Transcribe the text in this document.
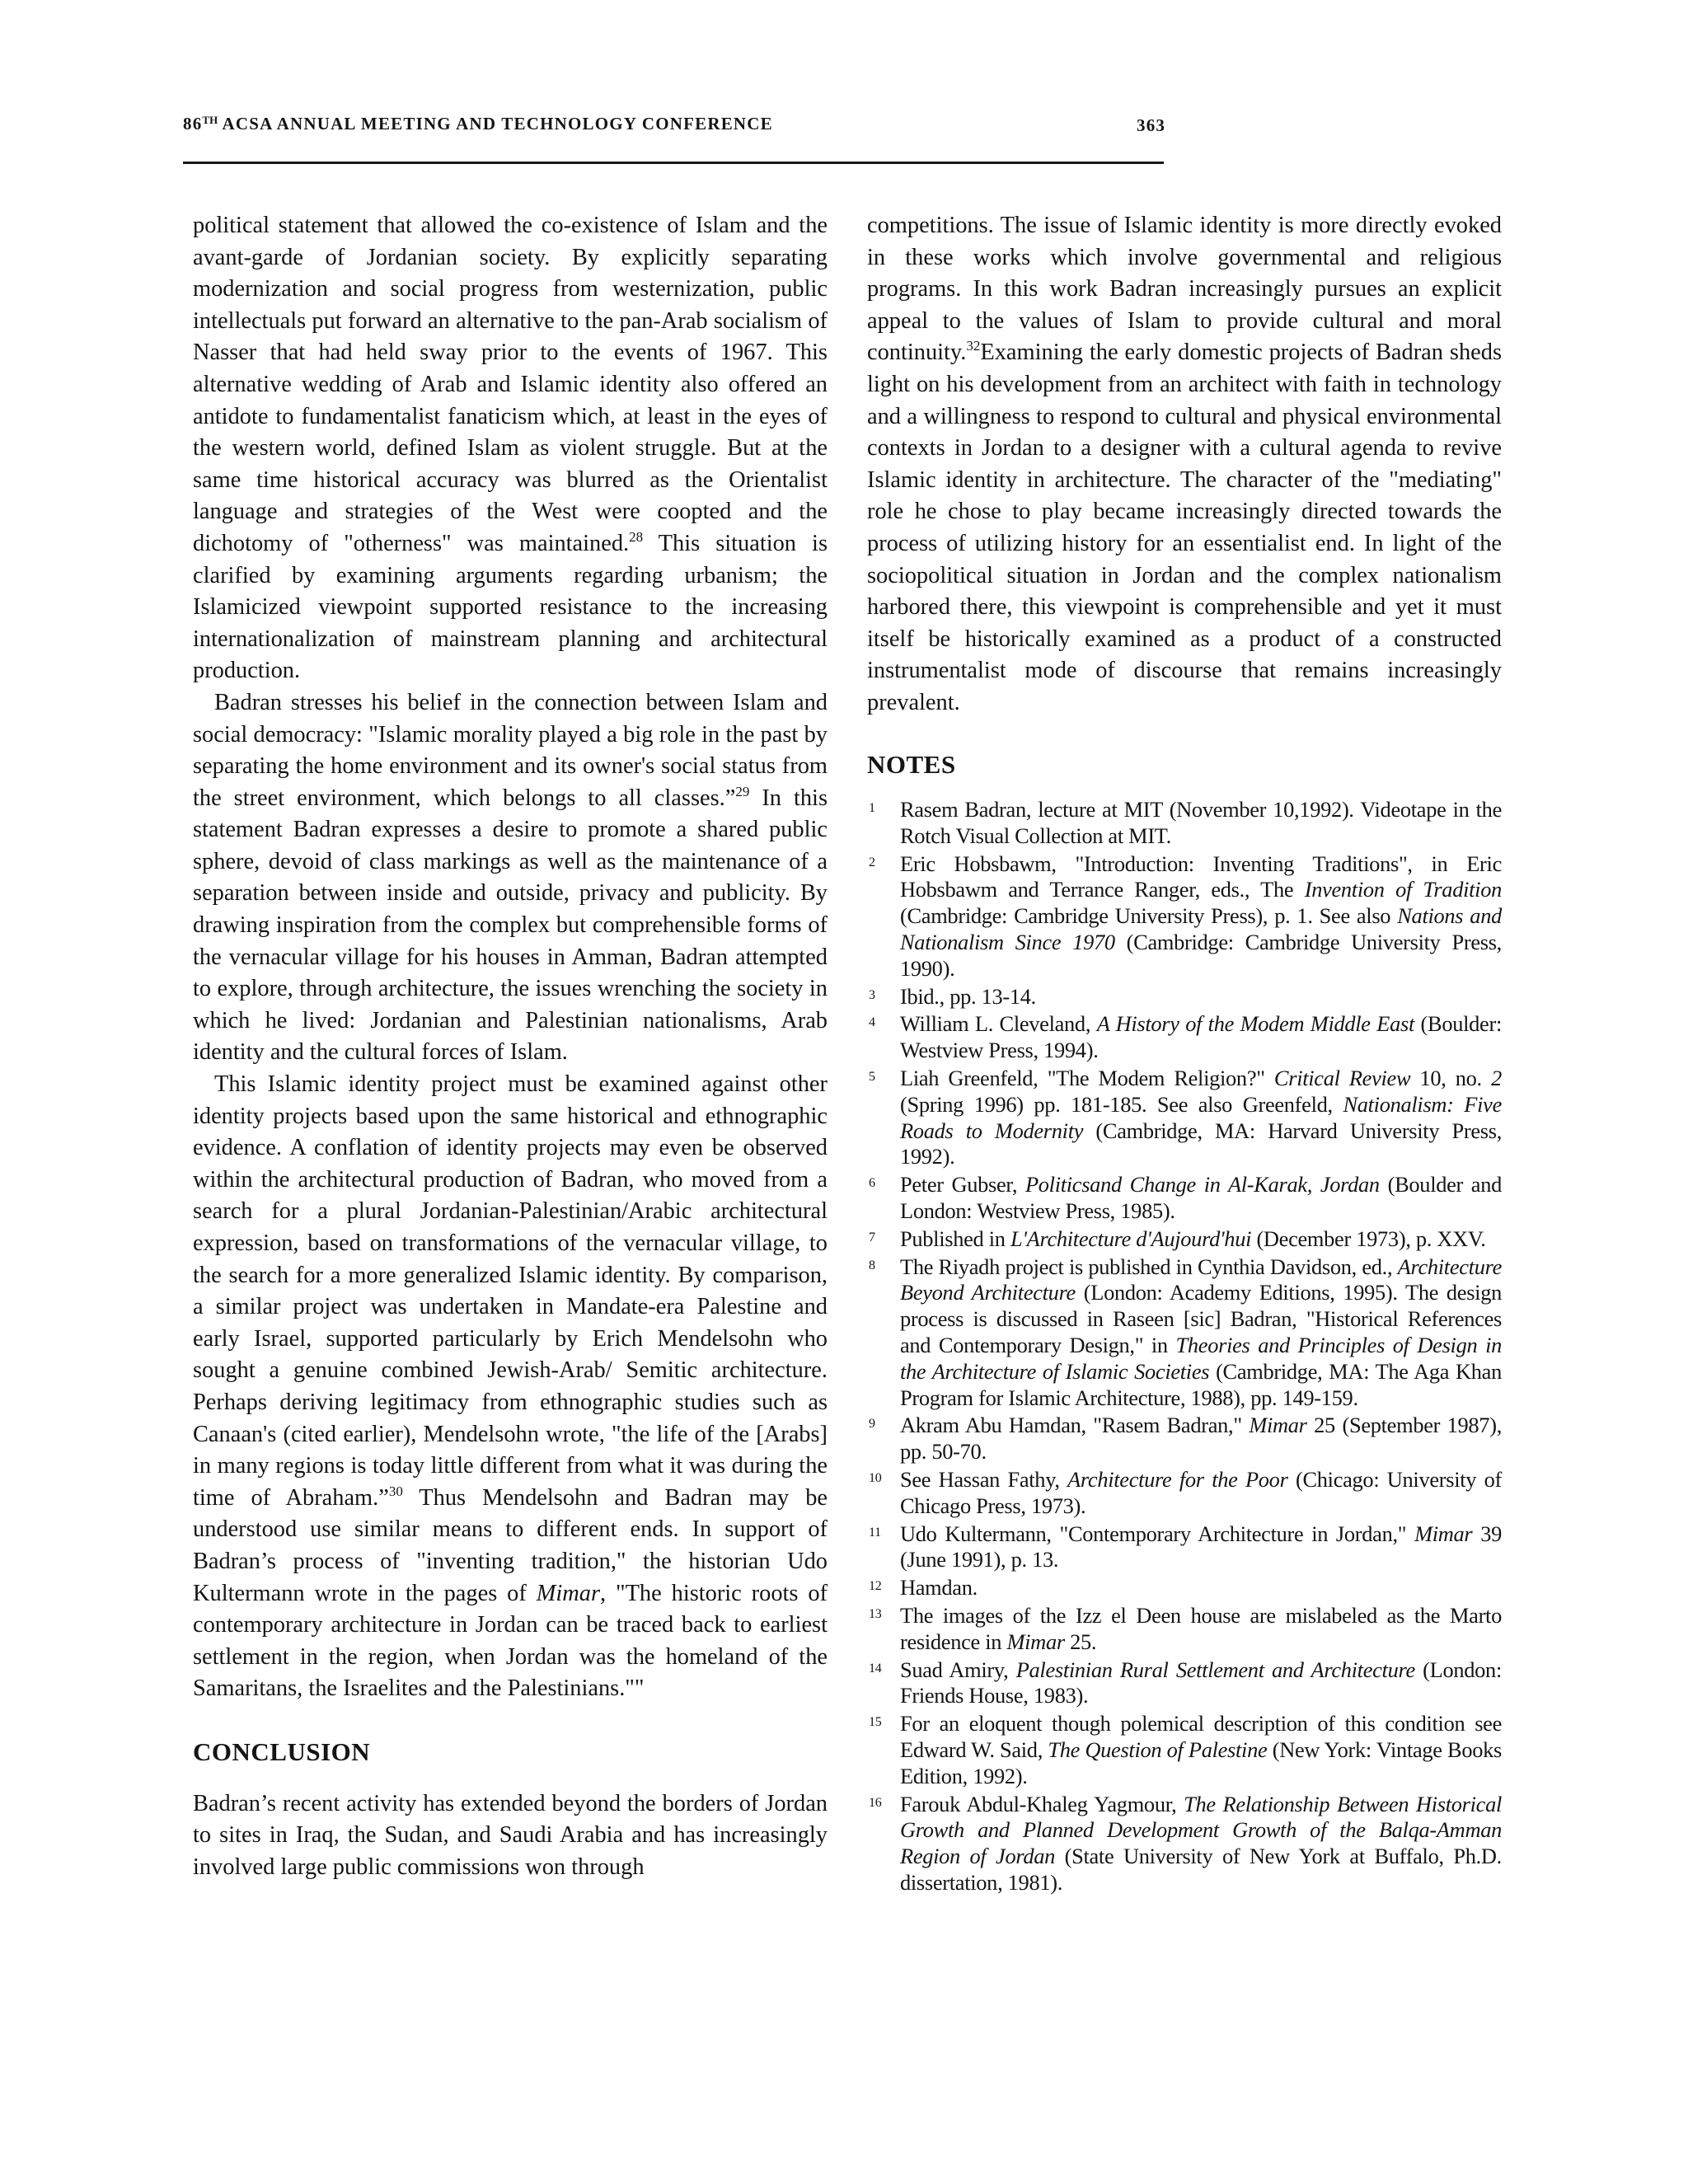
86TH ACSA ANNUAL MEETING AND TECHNOLOGY CONFERENCE	363

political statement that allowed the co-existence of Islam and the avant-garde of Jordanian society. By explicitly separating modernization and social progress from westernization, public intellectuals put forward an alternative to the pan-Arab socialism of Nasser that had held sway prior to the events of 1967. This alternative wedding of Arab and Islamic identity also offered an antidote to fundamentalist fanaticism which, at least in the eyes of the western world, defined Islam as violent struggle. But at the same time historical accuracy was blurred as the Orientalist language and strategies of the West were coopted and the dichotomy of "otherness" was maintained.$^{28}$ This situation is clarified by examining arguments regarding urbanism; the Islamicized viewpoint supported resistance to the increasing internationalization of mainstream planning and architectural production.

Badran stresses his belief in the connection between Islam and social democracy: "Islamic morality played a big role in the past by separating the home environment and its owner's social status from the street environment, which belongs to all classes.”$^{29}$ In this statement Badran expresses a desire to promote a shared public sphere, devoid of class markings as well as the maintenance of a separation between inside and outside, privacy and publicity. By drawing inspiration from the complex but comprehensible forms of the vernacular village for his houses in Amman, Badran attempted to explore, through architecture, the issues wrenching the society in which he lived: Jordanian and Palestinian nationalisms, Arab identity and the cultural forces of Islam.

This Islamic identity project must be examined against other identity projects based upon the same historical and ethnographic evidence. A conflation of identity projects may even be observed within the architectural production of Badran, who moved from a search for a plural Jordanian-Palestinian/Arabic architectural expression, based on transformations of the vernacular village, to the search for a more generalized Islamic identity. By comparison, a similar project was undertaken in Mandate-era Palestine and early Israel, supported particularly by Erich Mendelsohn who sought a genuine combined Jewish-Arab/ Semitic architecture. Perhaps deriving legitimacy from ethnographic studies such as Canaan's (cited earlier), Mendelsohn wrote, "the life of the [Arabs] in many regions is today little different from what it was during the time of Abraham.”$^{30}$ Thus Mendelsohn and Badran may be understood use similar means to different ends. In support of Badran’s process of "inventing tradition," the historian Udo Kultermann wrote in the pages of Mimar, "The historic roots of contemporary architecture in Jordan can be traced back to earliest settlement in the region, when Jordan was the homeland of the Samaritans, the Israelites and the Palestinians.""

CONCLUSION

Badran’s recent activity has extended beyond the borders of Jordan to sites in Iraq, the Sudan, and Saudi Arabia and has increasingly involved large public commissions won through

competitions. The issue of Islamic identity is more directly evoked in these works which involve governmental and religious programs. In this work Badran increasingly pursues an explicit appeal to the values of Islam to provide cultural and moral continuity.$^{32}$Examining the early domestic projects of Badran sheds light on his development from an architect with faith in technology and a willingness to respond to cultural and physical environmental contexts in Jordan to a designer with a cultural agenda to revive Islamic identity in architecture. The character of the "mediating" role he chose to play became increasingly directed towards the process of utilizing history for an essentialist end. In light of the sociopolitical situation in Jordan and the complex nationalism harbored there, this viewpoint is comprehensible and yet it must itself be historically examined as a product of a constructed instrumentalist mode of discourse that remains increasingly prevalent.

NOTES
1 Rasem Badran, lecture at MIT (November 10,1992). Videotape in the Rotch Visual Collection at MIT.
2 Eric Hobsbawm, "Introduction: Inventing Traditions", in Eric Hobsbawm and Terrance Ranger, eds., The Invention of Tradition (Cambridge: Cambridge University Press), p. 1. See also Nations and Nationalism Since 1970 (Cambridge: Cambridge University Press, 1990).
3 Ibid., pp. 13-14.
4 William L. Cleveland, A History of the Modem Middle East (Boulder: Westview Press, 1994).
5 Liah Greenfeld, "The Modem Religion?" Critical Review 10, no. 2 (Spring 1996) pp. 181-185. See also Greenfeld, Nationalism: Five Roads to Modernity (Cambridge, MA: Harvard University Press, 1992).
6 Peter Gubser, Politicsand Change in Al-Karak, Jordan (Boulder and London: Westview Press, 1985).
7 Published in L'Architecture d'Aujourd'hui (December 1973), p. XXV.
8 The Riyadh project is published in Cynthia Davidson, ed., Architecture Beyond Architecture (London: Academy Editions, 1995). The design process is discussed in Raseen [sic] Badran, "Historical References and Contemporary Design," in Theories and Principles of Design in the Architecture of Islamic Societies (Cambridge, MA: The Aga Khan Program for Islamic Architecture, 1988), pp. 149-159.
9 Akram Abu Hamdan, "Rasem Badran," Mimar 25 (September 1987), pp. 50-70.
10 See Hassan Fathy, Architecture for the Poor (Chicago: University of Chicago Press, 1973).
11 Udo Kultermann, "Contemporary Architecture in Jordan," Mimar 39 (June 1991), p. 13.
12 Hamdan.
13 The images of the Izz el Deen house are mislabeled as the Marto residence in Mimar 25.
14 Suad Amiry, Palestinian Rural Settlement and Architecture (London: Friends House, 1983).
15 For an eloquent though polemical description of this condition see Edward W. Said, The Question of Palestine (New York: Vintage Books Edition, 1992).
16 Farouk Abdul-Khaleg Yagmour, The Relationship Between Historical Growth and Planned Development Growth of the Balqa-Amman Region of Jordan (State University of New York at Buffalo, Ph.D. dissertation, 1981).
